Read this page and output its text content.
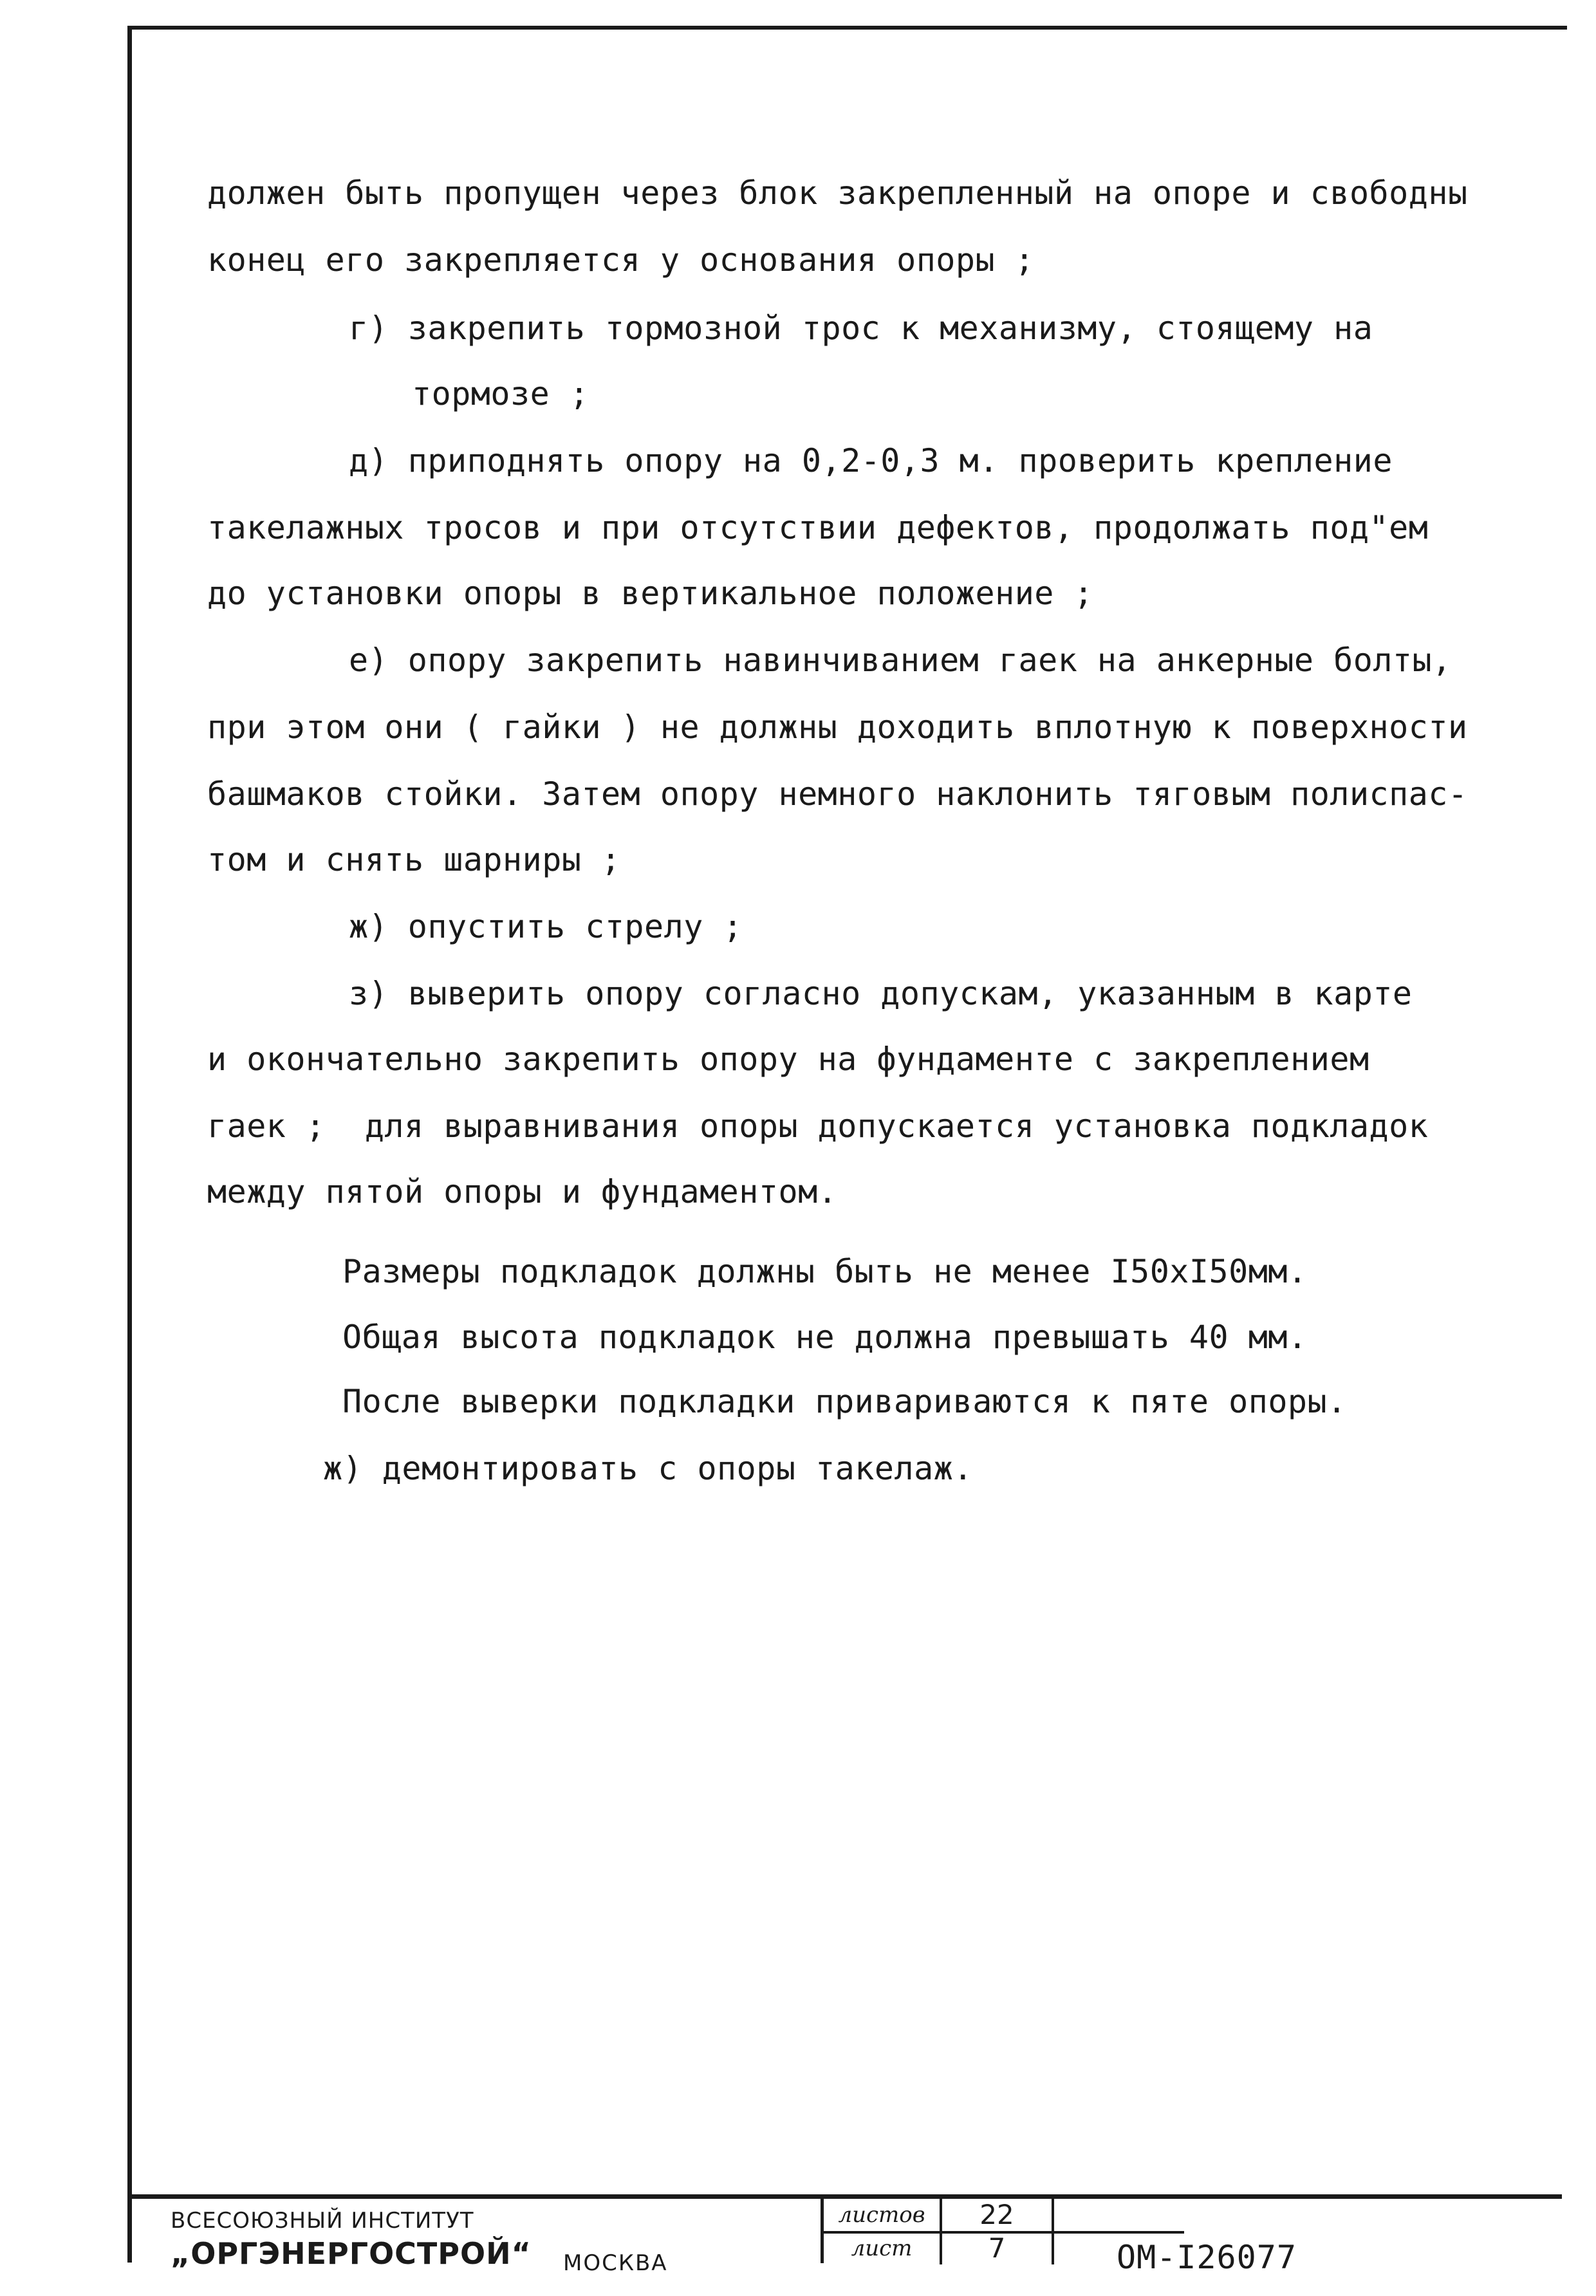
должен быть пропущен через блок закрепленный на опоре и свободны
конец его закрепляется у основания опоры ;
г) закрепить тормозной трос к механизму, стоящему на
тормозе ;
д) приподнять опору на 0,2-0,3 м. проверить крепление
такелажных тросов и при отсутствии дефектов, продолжать под"ем
до установки опоры в вертикальное положение ;
е) опору закрепить навинчиванием гаек на анкерные болты,
при этом они ( гайки ) не должны доходить вплотную к поверхности
башмаков стойки. Затем опору немного наклонить тяговым полиспас-
том и снять шарниры ;
ж) опустить стрелу ;
з) выверить опору согласно допускам, указанным в карте
и окончательно закрепить опору на фундаменте с закреплением
гаек ;  для выравнивания опоры допускается установка подкладок
между пятой опоры и фундаментом.
Размеры подкладок должны быть не менее I50xI50мм.
Общая высота подкладок не должна превышать 40 мм.
После выверки подкладки привариваются к пяте опоры.
ж) демонтировать с опоры такелаж.
ВСЕСОЮЗНЫЙ ИНСТИТУТ
„ОРГЭНЕРГОСТРОЙ“ МОСКВА
листов	22
лист	7	ОМ-I26077
